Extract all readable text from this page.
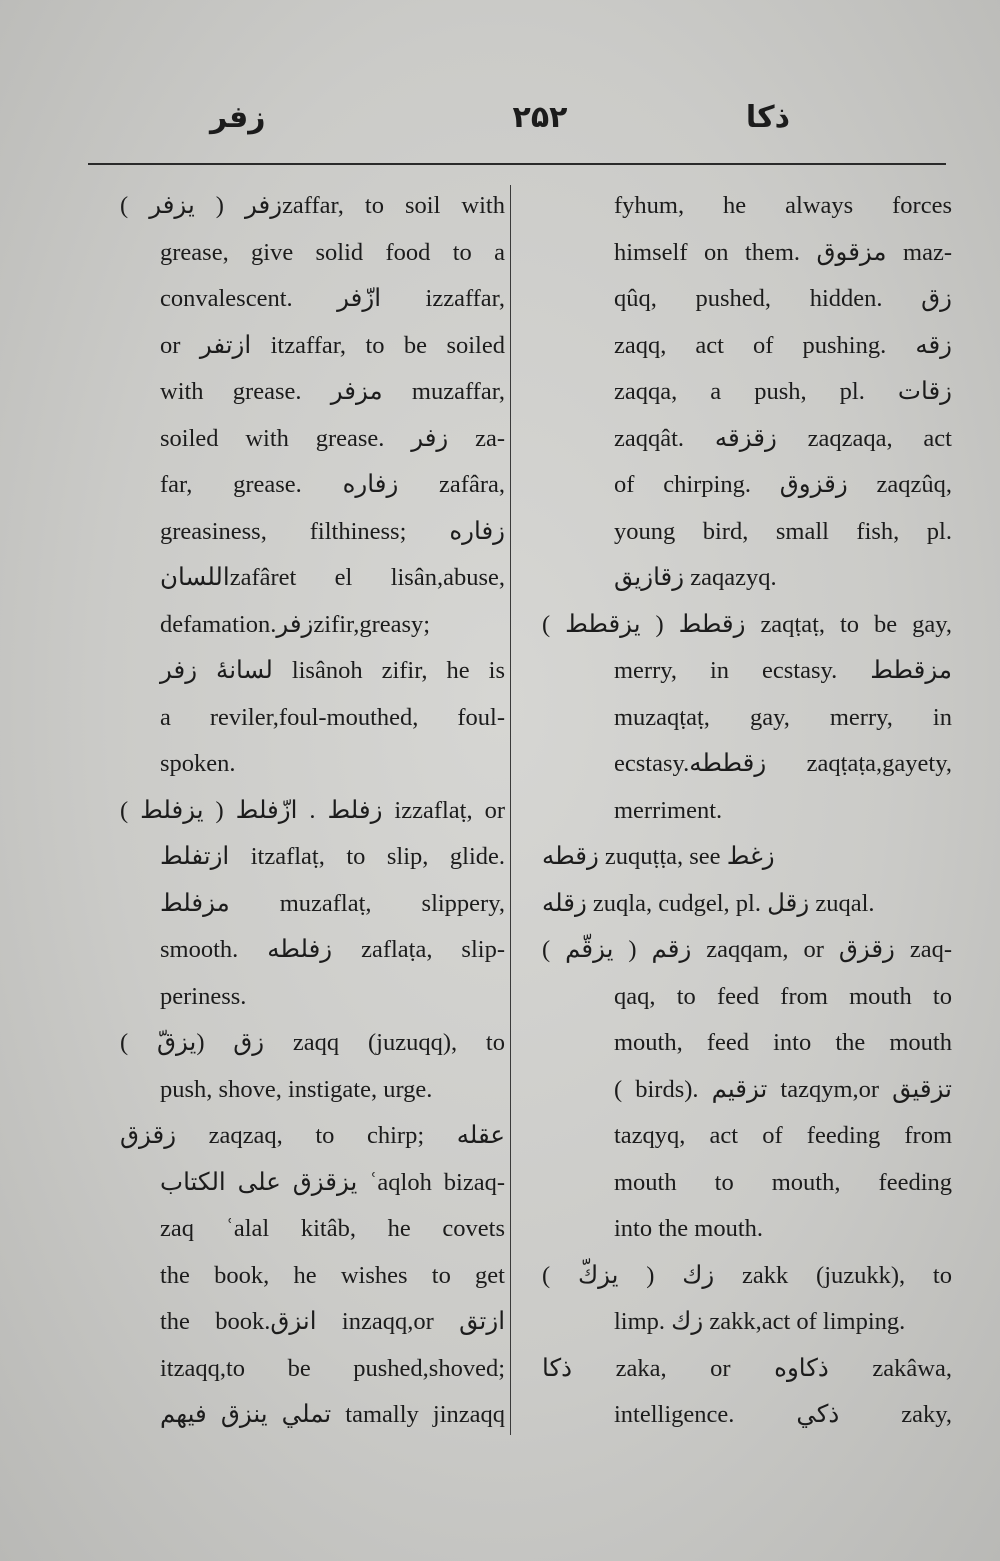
زفر	۲۵۲	ذكا
زفر ( يزفر )zaffar, to soil with
grease, give solid food to a
convalescent. ازّفر izzaffar,
or ازتفر itzaffar, to be soiled
with grease. مزفر muzaffar,
soiled with grease. زفر za-
far, grease. زفاره zafâra,
greasiness, filthiness; زفاره
اللسانzafâret el lisân,abuse,
defamation.زفرzifir,greasy;
لسانهٔ زفر lisânoh zifir, he is
a reviler,foul-mouthed, foul-
spoken.
زفلط . ازّفلط ( يزفلط ) izzaflaṭ, or
ازتفلط itzaflaṭ, to slip, glide.
مزفلط muzaflaṭ, slippery,
smooth. زفلطه zaflaṭa, slip-
periness.
زق (يزقّ ) zaqq (juzuqq), to
push, shove, instigate, urge.
زقزق zaqzaq, to chirp; عقله
يزقزق على الكتاب ʿaqloh bizaq-
zaq ʿalal kitâb, he covets
the book, he wishes to get
the book.انزق inzaqq,or ازتق
itzaqq,to be pushed,shoved;
تملي ينزق فيهم tamally jinzaqq
fyhum, he always forces
himself on them. مزقوق maz-
qûq, pushed, hidden. زق
zaqq, act of pushing. زقه
zaqqa, a push, pl. زقات
zaqqât. زقزقه zaqzaqa, act
of chirping. زقزوق zaqzûq,
young bird, small fish, pl.
زقازيق zaqazyq.
زقطط ( يزقطط ) zaqṭaṭ, to be gay,
merry, in ecstasy. مزقطط
muzaqṭaṭ, gay, merry, in
ecstasy.زقططه zaqṭaṭa,gayety,
merriment.
زقطه zuquṭṭa, see زغط
زقله zuqla, cudgel, pl. زقل zuqal.
زقم ( يزقّم ) zaqqam, or زقزق zaq-
qaq, to feed from mouth to
mouth, feed into the mouth
( birds). تزقيم tazqym,or تزقيق
tazqyq, act of feeding from
mouth to mouth, feeding
into the mouth.
زك ( يزكّ ) zakk (juzukk), to
limp. زك zakk,act of limping.
ذكا zaka, or ذكاوه zakâwa,
intelligence. ذكي zaky,
